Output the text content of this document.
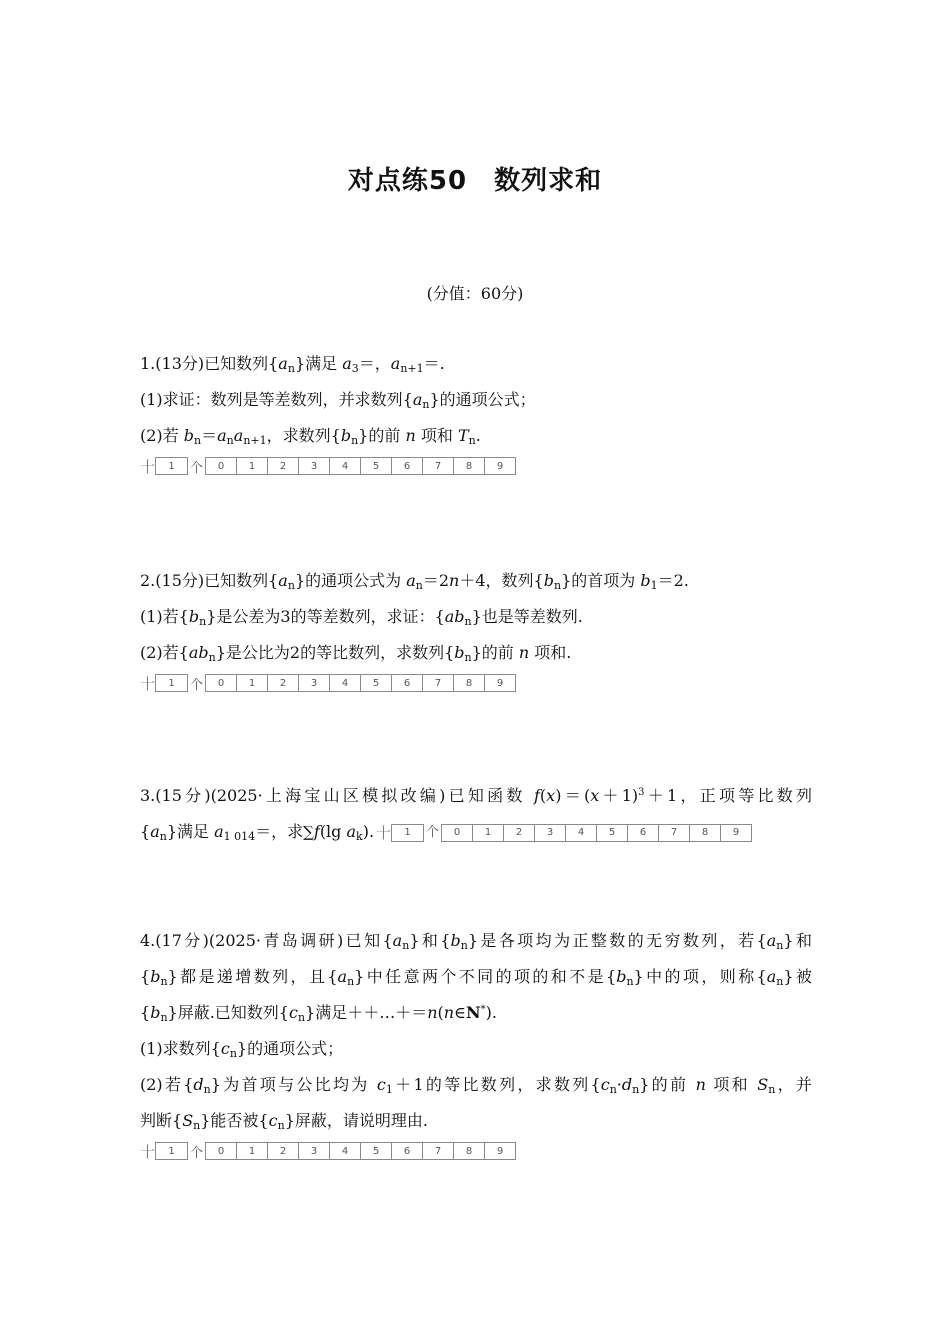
对点练50　数列求和
(分值：60分)
1.(13分)已知数列$\{a_n\}$满足 $a_3=$，$a_{n+1}=$.
(1)求证：数列是等差数列，并求数列$\{a_n\}$的通项公式；
(2)若 $b_n=a_na_{n+1}$，求数列$\{b_n\}$的前 n 项和 $T_n$.
十	1	个	0	1	2	3	4	5	6	7	8	9
2.(15分)已知数列$\{a_n\}$的通项公式为 $a_n=2n+4$，数列$\{b_n\}$的首项为 $b_1=2$.
(1)若$\{b_n\}$是公差为3的等差数列，求证：$\{ab_n\}$也是等差数列.
(2)若$\{ab_n\}$是公比为2的等比数列，求数列$\{b_n\}$的前 n 项和.
十	1	个	0	1	2	3	4	5	6	7	8	9
3.(15分)(2025·上海宝山区模拟改编)已知函数 $f(x)=(x+1)^3+1$，正项等比数列
$\{a_n\}$满足 $a_{1 014}=$，求∑f(lg $a_k$). 十	1	个	0	1	2	3	4	5	6	7	8	9
4.(17分)(2025·青岛调研)已知$\{a_n\}$和$\{b_n\}$是各项均为正整数的无穷数列，若$\{a_n\}$和
$\{b_n\}$都是递增数列，且$\{a_n\}$中任意两个不同的项的和不是$\{b_n\}$中的项，则称$\{a_n\}$被
$\{b_n\}$屏蔽.已知数列$\{c_n\}$满足＋＋…＋＝n(n∈N*).
(1)求数列$\{c_n\}$的通项公式；
(2)若$\{d_n\}$为首项与公比均为 $c_1+1$的等比数列，求数列$\{c_n\cdot d_n\}$的前 n 项和 $S_n$，并
判断$\{S_n\}$能否被$\{c_n\}$屏蔽，请说明理由.
十	1	个	0	1	2	3	4	5	6	7	8	9
